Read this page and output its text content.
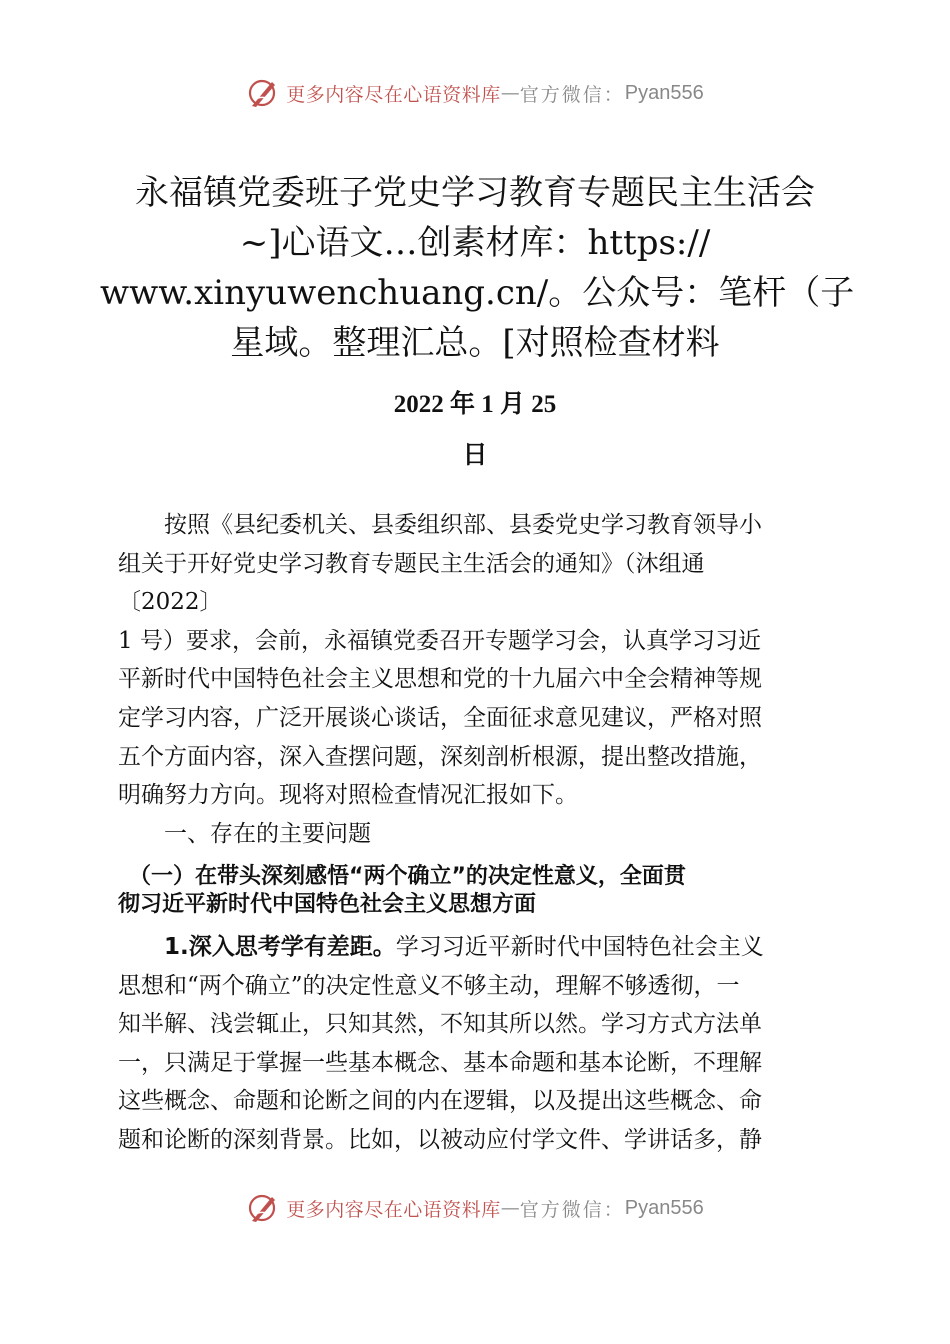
更多内容尽在心语资料库 — 官方微信： Pyan556
永福镇党委班子党史学习教育专题民主生活会
~]心语文…创素材库：https://
www.xinyuwenchuang.cn/。公众号：笔杆（子
星域。整理汇总。[对照检查材料
2022 年 1 月 25
日
　　按照《县纪委机关、县委组织部、县委党史学习教育领导小
组关于开好党史学习教育专题民主生活会的通知》（沐组通
〔2022〕
1 号）要求，会前，永福镇党委召开专题学习会，认真学习习近
平新时代中国特色社会主义思想和党的十九届六中全会精神等规
定学习内容，广泛开展谈心谈话，全面征求意见建议，严格对照
五个方面内容，深入查摆问题，深刻剖析根源，提出整改措施，
明确努力方向。现将对照检查情况汇报如下。
　　一、存在的主要问题
　（一）在带头深刻感悟“两个确立”的决定性意义，全面贯
彻习近平新时代中国特色社会主义思想方面
　　1.深入思考学有差距。学习习近平新时代中国特色社会主义
思想和“两个确立”的决定性意义不够主动，理解不够透彻，一
知半解、浅尝辄止，只知其然，不知其所以然。学习方式方法单
一，只满足于掌握一些基本概念、基本命题和基本论断，不理解
这些概念、命题和论断之间的内在逻辑，以及提出这些概念、命
题和论断的深刻背景。比如，以被动应付学文件、学讲话多，静
更多内容尽在心语资料库 — 官方微信： Pyan556
